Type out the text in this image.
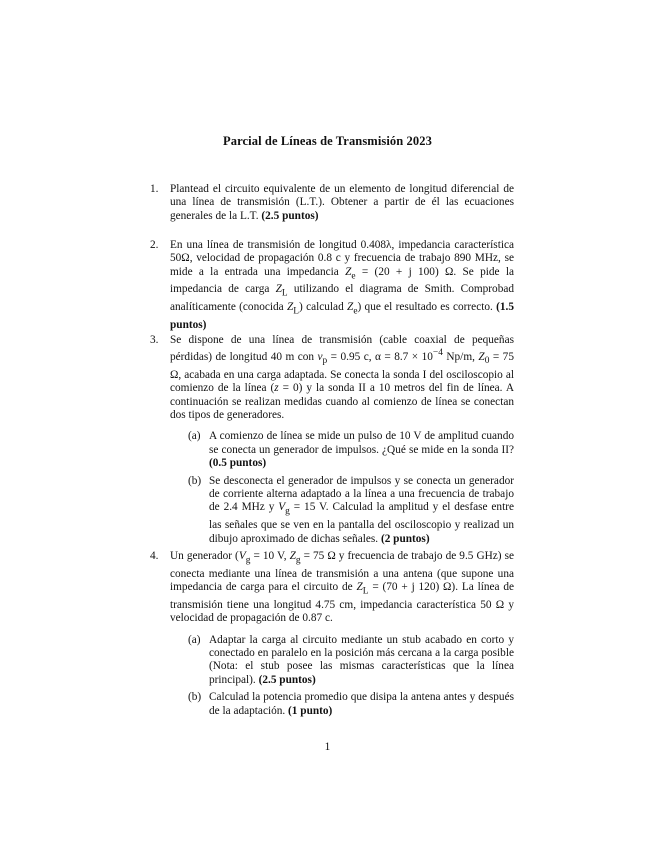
Parcial de Líneas de Transmisión 2023
1. Plantead el circuito equivalente de un elemento de longitud diferencial de una línea de transmisión (L.T.). Obtener a partir de él las ecuaciones generales de la L.T. (2.5 puntos)
2. En una línea de transmisión de longitud 0.408λ, impedancia característica 50Ω, velocidad de propagación 0.8 c y frecuencia de trabajo 890 MHz, se mide a la entrada una impedancia $Z_e = (20 + j$ 100) Ω. Se pide la impedancia de carga $Z_L$ utilizando el diagrama de Smith. Comprobad analíticamente (conocida $Z_L$) calculad $Z_e$) que el resultado es correcto. (1.5 puntos)
3. Se dispone de una línea de transmisión (cable coaxial de pequeñas pérdidas) de longitud 40 m con $v_p = 0.95$ c, $\alpha = 8.7 \times 10^{-4}$ Np/m, $Z_0 = 75$ Ω, acabada en una carga adaptada. Se conecta la sonda I del osciloscopio al comienzo de la línea (z = 0) y la sonda II a 10 metros del fin de línea. A continuación se realizan medidas cuando al comienzo de línea se conectan dos tipos de generadores.
(a) A comienzo de línea se mide un pulso de 10 V de amplitud cuando se conecta un generador de impulsos. ¿Qué se mide en la sonda II? (0.5 puntos)
(b) Se desconecta el generador de impulsos y se conecta un generador de corriente alterna adaptado a la línea a una frecuencia de trabajo de 2.4 MHz y $V_g = 15$ V. Calculad la amplitud y el desfase entre las señales que se ven en la pantalla del osciloscopio y realizad un dibujo aproximado de dichas señales. (2 puntos)
4. Un generador ($V_g = 10$ V, $Z_g = 75$ Ω y frecuencia de trabajo de 9.5 GHz) se conecta mediante una línea de transmisión a una antena (que supone una impedancia de carga para el circuito de $Z_L = (70 + j$ 120) Ω). La línea de transmisión tiene una longitud 4.75 cm, impedancia característica 50 Ω y velocidad de propagación de 0.87 c.
(a) Adaptar la carga al circuito mediante un stub acabado en corto y conectado en paralelo en la posición más cercana a la carga posible (Nota: el stub posee las mismas características que la línea principal). (2.5 puntos)
(b) Calculad la potencia promedio que disipa la antena antes y después de la adaptación. (1 punto)
1
